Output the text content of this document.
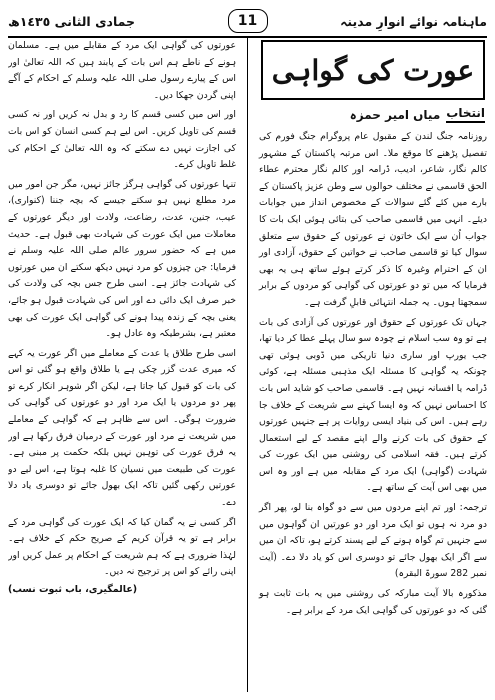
ماہنامہ نوائے انوارِ مدینہ
11
جمادی الثانی ١٤٣٥ھ
عورت کی گواہی
انتخاب
میاں امیر حمزہ

روزنامہ جنگ لندن کے مقبول عام پروگرام جنگ فورم کی تفصیل پڑھنے کا موقع ملا۔ اس مرتبہ پاکستان کے مشہور کالم نگار، شاعر، ادیب، ڈرامہ اور کالم نگار محترم عطاء الحق قاسمی نے مختلف حوالوں سے وطن عزیز پاکستان کے بارے میں کئے گئے سوالات کے مخصوص انداز میں جوابات دیئے۔ انہی میں قاسمی صاحب کی بتائی ہوئی ایک بات کا جواب اُن سے ایک خاتون نے عورتوں کے حقوق سے متعلق سوال کیا تو قاسمی صاحب نے خواتین کے حقوق، آزادی اور ان کے احترام وغیرہ کا ذکر کرتے ہوئے ساتھ ہی یہ بھی فرمایا کہ میں تو دو عورتوں کی گواہی کو مردوں کے برابر سمجھتا ہوں۔ یہ جملہ انتہائی قابلِ گرفت ہے۔

جہاں تک عورتوں کے حقوق اور عورتوں کی آزادی کی بات ہے تو وہ سب اسلام نے چودہ سو سال پہلے عطا کر دیا تھا، جب یورپ اور ساری دنیا تاریکی میں ڈوبی ہوئی تھی چونکہ یہ گواہی کا مسئلہ ایک مذہبی مسئلہ ہے، کوئی ڈرامہ یا افسانہ نہیں ہے۔ قاسمی صاحب کو شاید اس بات کا احساس نہیں کہ وہ ایسا کہنے سے شریعت کے خلاف جا رہے ہیں۔ اس کی بنیاد ایسی روایات پر ہے جنہیں عورتوں کے حقوق کی بات کرنے والے اپنے مقصد کے لیے استعمال کرتے ہیں۔ فقہ اسلامی کی روشنی میں ایک عورت کی شہادت (گواہی) ایک مرد کے مقابلہ میں ہے اور وہ اس میں بھی اس آیت کے ساتھ ہے۔

ترجمہ: اور تم اپنے مردوں میں سے دو گواہ بنا لو، پھر اگر دو مرد نہ ہوں تو ایک مرد اور دو عورتیں ان گواہوں میں سے جنہیں تم گواہ ہونے کے لیے پسند کرتے ہو، تاکہ ان میں سے اگر ایک بھول جائے تو دوسری اس کو یاد دلا دے۔ (آیت نمبر 282 سورۃ البقرہ)

مذکورہ بالا آیت مبارکہ کی روشنی میں یہ بات ثابت ہو گئی کہ دو عورتوں کی گواہی ایک مرد کے برابر ہے۔

عورتوں کی گواہی ایک مرد کے مقابلے میں ہے۔ مسلمان ہونے کے ناطے ہم اس بات کے پابند ہیں کہ اللہ تعالیٰ اور اس کے پیارے رسول صلی اللہ علیہ وسلم کے احکام کے آگے اپنی گردن جھکا دیں۔

اور اس میں کسی قسم کا رد و بدل نہ کریں اور نہ کسی قسم کی تاویل کریں۔ اس لیے ہم کسی انسان کو اس بات کی اجازت نہیں دے سکتے کہ وہ اللہ تعالیٰ کے احکام کی غلط تاویل کرے۔

تنہا عورتوں کی گواہی ہرگز جائز نہیں، مگر جن امور میں مرد مطلع نہیں ہو سکتے جیسے کہ بچہ جننا (کنواری)، عیب، جنین، عدت، رضاعت، ولادت اور دیگر عورتوں کے معاملات میں ایک عورت کی شہادت بھی قبول ہے۔ حدیث میں ہے کہ حضور سرور عالم صلی اللہ علیہ وسلم نے فرمایا: جن چیزوں کو مرد نہیں دیکھ سکتے ان میں عورتوں کی شہادت جائز ہے۔ اسی طرح جس بچہ کی ولادت کی خبر صرف ایک دائی دے اور اس کی شہادت قبول ہو جائے، یعنی بچہ کے زندہ پیدا ہونے کی گواہی ایک عورت کی بھی معتبر ہے، بشرطیکہ وہ عادل ہو۔

اسی طرح طلاق یا عدت کے معاملے میں اگر عورت یہ کہے کہ میری عدت گزر چکی ہے یا طلاق واقع ہو گئی تو اس کی بات کو قبول کیا جاتا ہے، لیکن اگر شوہر انکار کرے تو پھر دو مردوں یا ایک مرد اور دو عورتوں کی گواہی کی ضرورت ہوگی۔ اس سے ظاہر ہے کہ گواہی کے معاملے میں شریعت نے مرد اور عورت کے درمیان فرق رکھا ہے اور یہ فرق عورت کی توہین نہیں بلکہ حکمت پر مبنی ہے۔ عورت کی طبیعت میں نسیان کا غلبہ ہوتا ہے، اس لیے دو عورتیں رکھی گئیں تاکہ ایک بھول جائے تو دوسری یاد دلا دے۔

اگر کسی نے یہ گمان کیا کہ ایک عورت کی گواہی مرد کے برابر ہے تو یہ قرآن کریم کے صریح حکم کے خلاف ہے۔ لہٰذا ضروری ہے کہ ہم شریعت کے احکام پر عمل کریں اور اپنی رائے کو اس پر ترجیح نہ دیں۔

(عالمگیری، باب ثبوت نسب)
